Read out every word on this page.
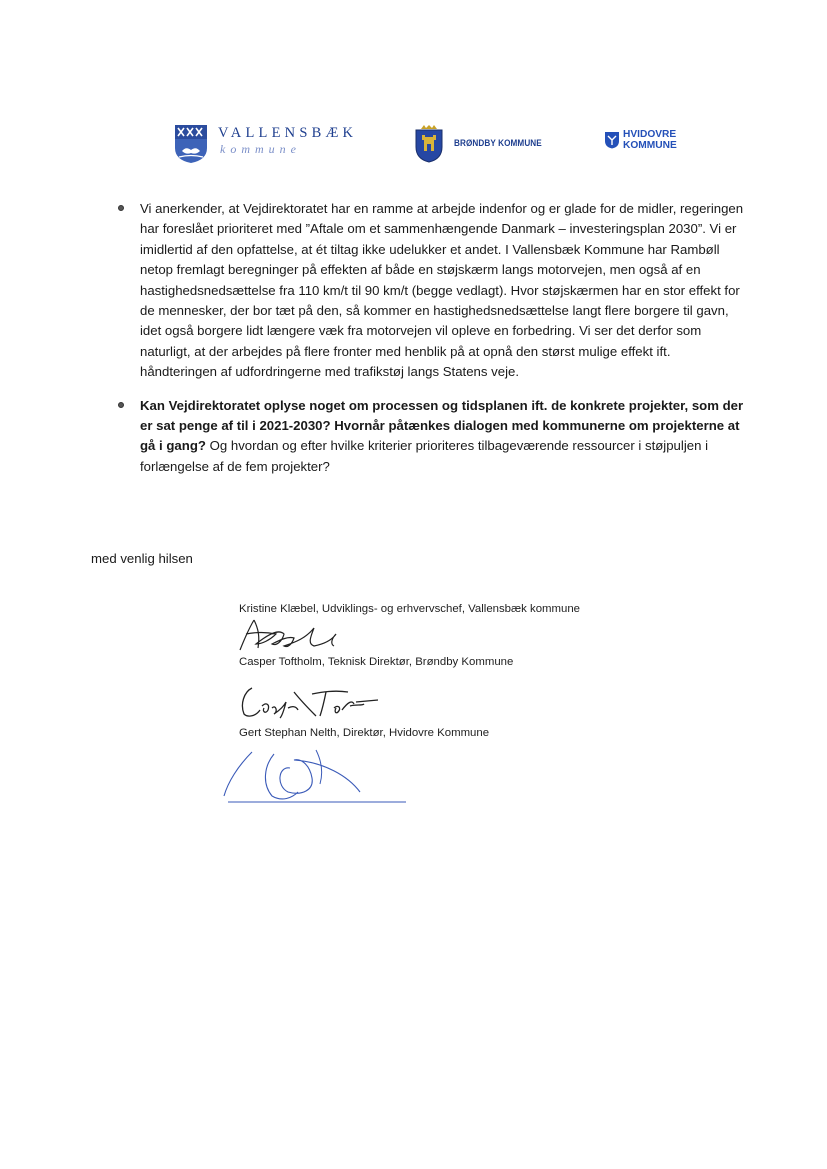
VALLENSBÆK
kommune	BRØNDBY KOMMUNE
HVIDOVRE
KOMMUNE
Vi anerkender, at Vejdirektoratet har en ramme at arbejde indenfor og er glade for de midler, regeringen har foreslået prioriteret med ”Aftale om et sammenhængende Danmark – investeringsplan 2030”. Vi er imidlertid af den opfattelse, at ét tiltag ikke udelukker et andet. I Vallensbæk Kommune har Rambøll netop fremlagt beregninger på effekten af både en støjskærm langs motorvejen, men også af en hastighedsnedsættelse fra 110 km/t til 90 km/t (begge vedlagt). Hvor støjskærmen har en stor effekt for de mennesker, der bor tæt på den, så kommer en hastighedsnedsættelse langt flere borgere til gavn, idet også borgere lidt længere væk fra motorvejen vil opleve en forbedring. Vi ser det derfor som naturligt, at der arbejdes på flere fronter med henblik på at opnå den størst mulige effekt ift. håndteringen af udfordringerne med trafikstøj langs Statens veje.
Kan Vejdirektoratet oplyse noget om processen og tidsplanen ift. de konkrete projekter, som der er sat penge af til i 2021-2030? Hvornår påtænkes dialogen med kommunerne om projekterne at gå i gang? Og hvordan og efter hvilke kriterier prioriteres tilbageværende ressourcer i støjpuljen i forlængelse af de fem projekter?
med venlig hilsen
Kristine Klæbel, Udviklings- og erhvervschef, Vallensbæk kommune
Casper Toftholm, Teknisk Direktør, Brøndby Kommune
Gert Stephan Nelth, Direktør, Hvidovre Kommune
